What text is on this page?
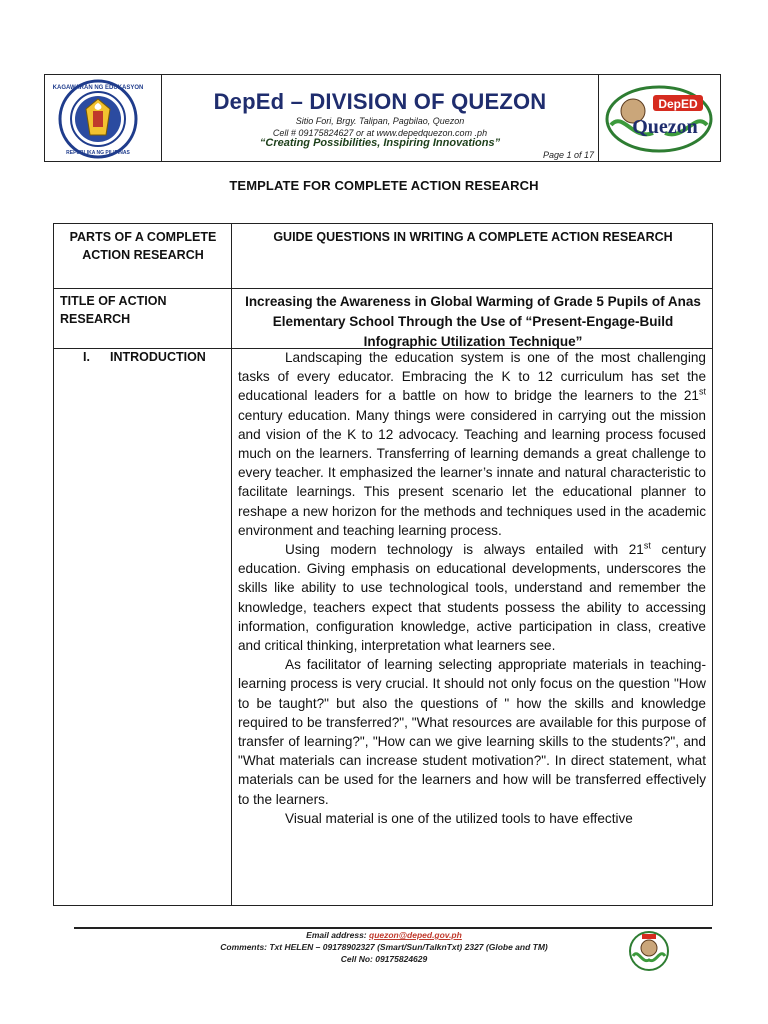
KAGAWARAN NG EDUKASYON
REPUBLIKA NG PILIPINAS
DepEd – DIVISION OF QUEZON
Sitio Fori, Brgy. Talipan, Pagbilao, Quezon
Cell # 09175824627 or at www.depedquezon.com .ph
“Creating Possibilities, Inspiring Innovations”
Page 1 of 17
DepED
Quezon
TEMPLATE FOR COMPLETE ACTION RESEARCH
PARTS OF A COMPLETE ACTION RESEARCH
GUIDE QUESTIONS IN WRITING A COMPLETE ACTION RESEARCH
TITLE OF ACTION RESEARCH
Increasing the Awareness in Global Warming of Grade 5 Pupils of Anas Elementary School Through the Use of “Present-Engage-Build Infographic Utilization Technique”
I. INTRODUCTION	Landscaping the education system is one of the most challenging tasks of every educator. Embracing the K to 12 curriculum has set the educational leaders for a battle on how to bridge the learners to the 21st century education. Many things were considered in carrying out the mission and vision of the K to 12 advocacy. Teaching and learning process focused much on the learners. Transferring of learning demands a great challenge to every teacher. It emphasized the learner’s innate and natural characteristic to facilitate learnings. This present scenario let the educational planner to reshape a new horizon for the methods and techniques used in the academic environment and teaching learning process.

Using modern technology is always entailed with 21st century education. Giving emphasis on educational developments, underscores the skills like ability to use technological tools, understand and remember the knowledge, teachers expect that students possess the ability to accessing information, configuration knowledge, active participation in class, creative and critical thinking, interpretation what learners see.

As facilitator of learning selecting appropriate materials in teaching-learning process is very crucial. It should not only focus on the question "How to be taught?" but also the questions of " how the skills and knowledge required to be transferred?", "What resources are available for this purpose of transfer of learning?", "How can we give learning skills to the students?", and "What materials can increase student motivation?". In direct statement, what materials can be used for the learners and how will be transferred effectively to the learners.

Visual material is one of the utilized tools to have effective

Email address: quezon@deped.gov.ph
Comments: Txt HELEN – 09178902327 (Smart/Sun/TalknTxt) 2327 (Globe and TM)
Cell No: 09175824629
